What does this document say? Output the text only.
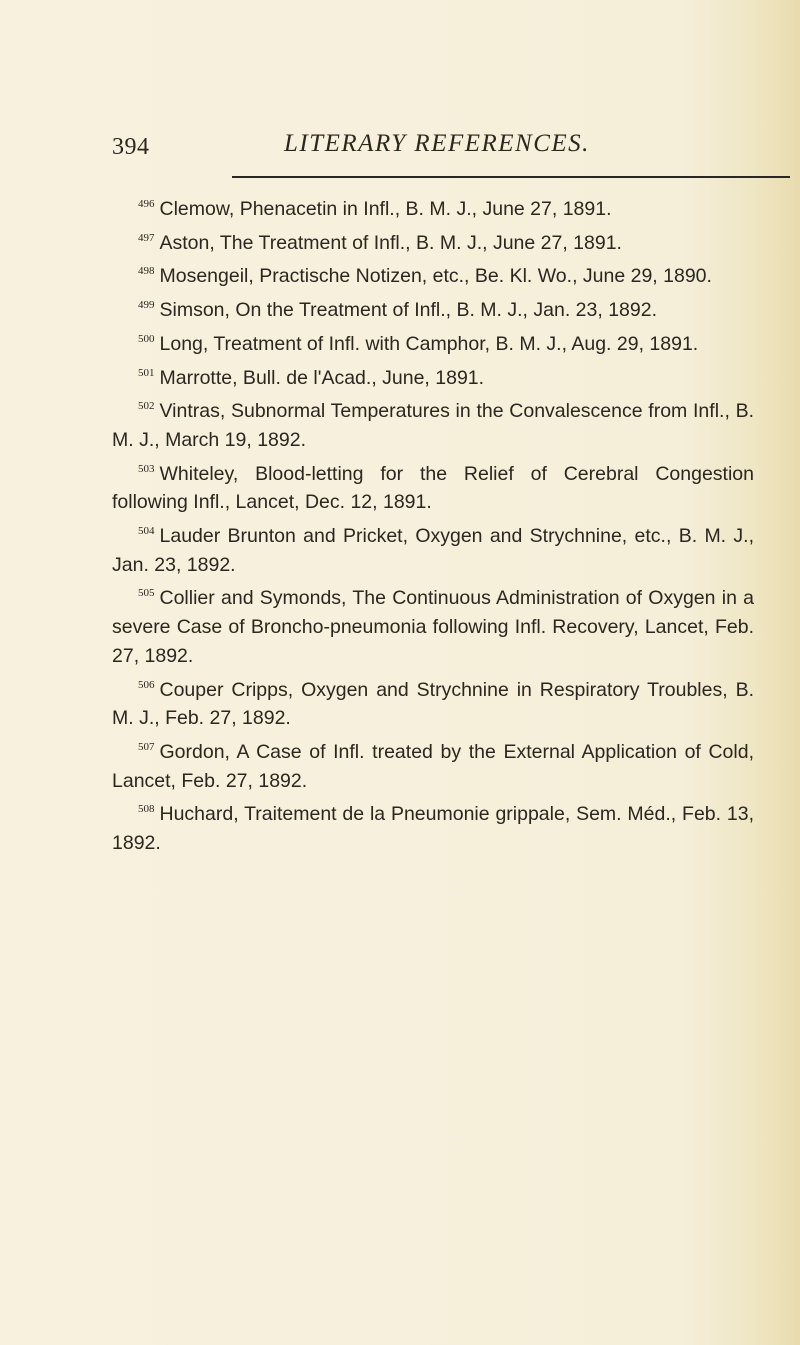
394	LITERARY REFERENCES.

$^{496}$ Clemow, Phenacetin in Infl., B. M. J., June 27, 1891.

$^{497}$ Aston, The Treatment of Infl., B. M. J., June 27, 1891.

$^{498}$ Mosengeil, Practische Notizen, etc., Be. Kl. Wo., June 29, 1890.

$^{499}$ Simson, On the Treatment of Infl., B. M. J., Jan. 23, 1892.

$^{500}$ Long, Treatment of Infl. with Camphor, B. M. J., Aug. 29, 1891.

$^{501}$ Marrotte, Bull. de l'Acad., June, 1891.

$^{502}$ Vintras, Subnormal Temperatures in the Convalescence from Infl., B. M. J., March 19, 1892.

$^{503}$ Whiteley, Blood-letting for the Relief of Cerebral Congestion following Infl., Lancet, Dec. 12, 1891.

$^{504}$ Lauder Brunton and Pricket, Oxygen and Strychnine, etc., B. M. J., Jan. 23, 1892.

$^{505}$ Collier and Symonds, The Continuous Administration of Oxygen in a severe Case of Broncho-pneumonia following Infl. Recovery, Lancet, Feb. 27, 1892.

$^{506}$ Couper Cripps, Oxygen and Strychnine in Respiratory Troubles, B. M. J., Feb. 27, 1892.

$^{507}$ Gordon, A Case of Infl. treated by the External Application of Cold, Lancet, Feb. 27, 1892.

$^{508}$ Huchard, Traitement de la Pneumonie grippale, Sem. Méd., Feb. 13, 1892.
